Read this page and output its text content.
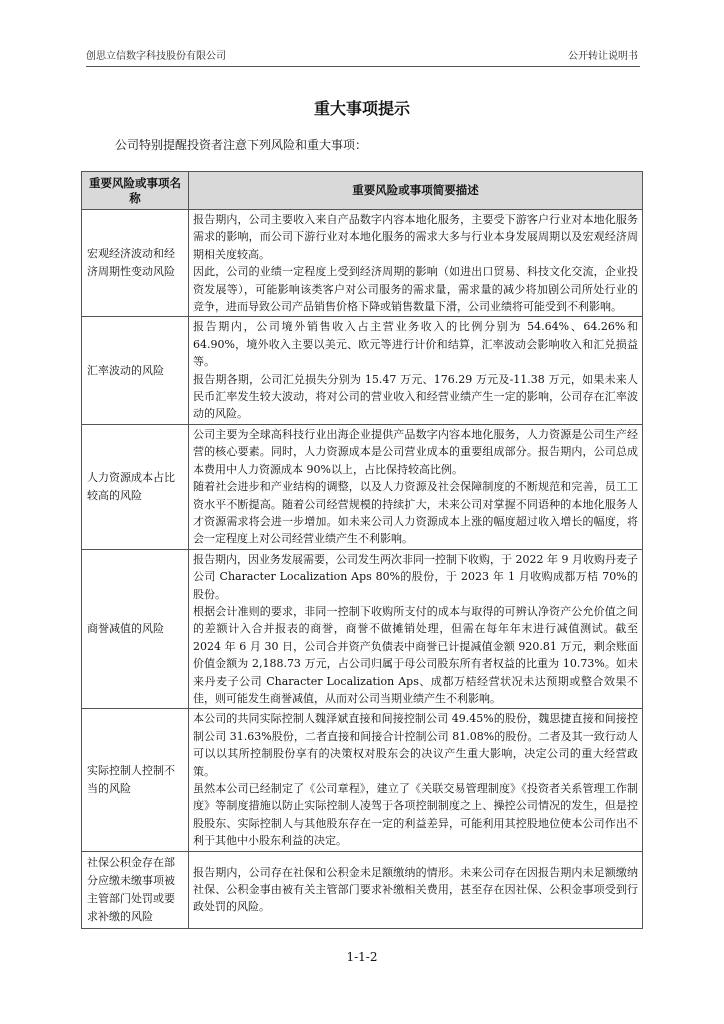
创思立信数字科技股份有限公司	公开转让说明书
重大事项提示
公司特别提醒投资者注意下列风险和重大事项：
重要风险或事项名称	重要风险或事项简要描述
宏观经济波动和经济周期性变动风险	报告期内，公司主要收入来自产品数字内容本地化服务，主要受下游客户行业对本地化服务需求的影响，而公司下游行业对本地化服务的需求大多与行业本身发展周期以及宏观经济周期相关度较高。

因此，公司的业绩一定程度上受到经济周期的影响（如进出口贸易、科技文化交流，企业投资发展等），可能影响该类客户对公司服务的需求量，需求量的减少将加剧公司所处行业的竞争，进而导致公司产品销售价格下降或销售数量下滑，公司业绩将可能受到不利影响。

汇率波动的风险	报告期内，公司境外销售收入占主营业务收入的比例分别为 54.64%、64.26%和64.90%，境外收入主要以美元、欧元等进行计价和结算，汇率波动会影响收入和汇兑损益等。

报告期各期，公司汇兑损失分别为 15.47 万元、176.29 万元及-11.38 万元，如果未来人民币汇率发生较大波动，将对公司的营业收入和经营业绩产生一定的影响，公司存在汇率波动的风险。

人力资源成本占比较高的风险	公司主要为全球高科技行业出海企业提供产品数字内容本地化服务，人力资源是公司生产经营的核心要素。同时，人力资源成本是公司营业成本的重要组成部分。报告期内，公司总成本费用中人力资源成本 90%以上，占比保持较高比例。

随着社会进步和产业结构的调整，以及人力资源及社会保障制度的不断规范和完善，员工工资水平不断提高。随着公司经营规模的持续扩大，未来公司对掌握不同语种的本地化服务人才资源需求将会进一步增加。如未来公司人力资源成本上涨的幅度超过收入增长的幅度，将会一定程度上对公司经营业绩产生不利影响。

商誉减值的风险	报告期内，因业务发展需要，公司发生两次非同一控制下收购，于 2022 年 9 月收购丹麦子公司 Character Localization Aps 80%的股份，于 2023 年 1 月收购成都万桔 70%的股份。

根据会计准则的要求，非同一控制下收购所支付的成本与取得的可辨认净资产公允价值之间的差额计入合并报表的商誉，商誉不做摊销处理，但需在每年年末进行减值测试。截至 2024 年 6 月 30 日，公司合并资产负债表中商誉已计提减值金额 920.81 万元，剩余账面价值金额为 2,188.73 万元，占公司归属于母公司股东所有者权益的比重为 10.73%。如未来丹麦子公司 Character Localization Aps、成都万桔经营状况未达预期或整合效果不佳，则可能发生商誉减值，从而对公司当期业绩产生不利影响。

实际控制人控制不当的风险	本公司的共同实际控制人魏泽斌直接和间接控制公司 49.45%的股份，魏思捷直接和间接控制公司 31.63%股份，二者直接和间接合计控制公司 81.08%的股份。二者及其一致行动人可以以其所控制股份享有的决策权对股东会的决议产生重大影响，决定公司的重大经营政策。

虽然本公司已经制定了《公司章程》，建立了《关联交易管理制度》《投资者关系管理工作制度》等制度措施以防止实际控制人凌驾于各项控制制度之上、操控公司情况的发生，但是控股股东、实际控制人与其他股东存在一定的利益差异，可能利用其控股地位使本公司作出不利于其他中小股东利益的决定。

社保公积金存在部分应缴未缴事项被主管部门处罚或要求补缴的风险	报告期内，公司存在社保和公积金未足额缴纳的情形。未来公司存在因报告期内未足额缴纳社保、公积金事由被有关主管部门要求补缴相关费用，甚至存在因社保、公积金事项受到行政处罚的风险。

1-1-2
